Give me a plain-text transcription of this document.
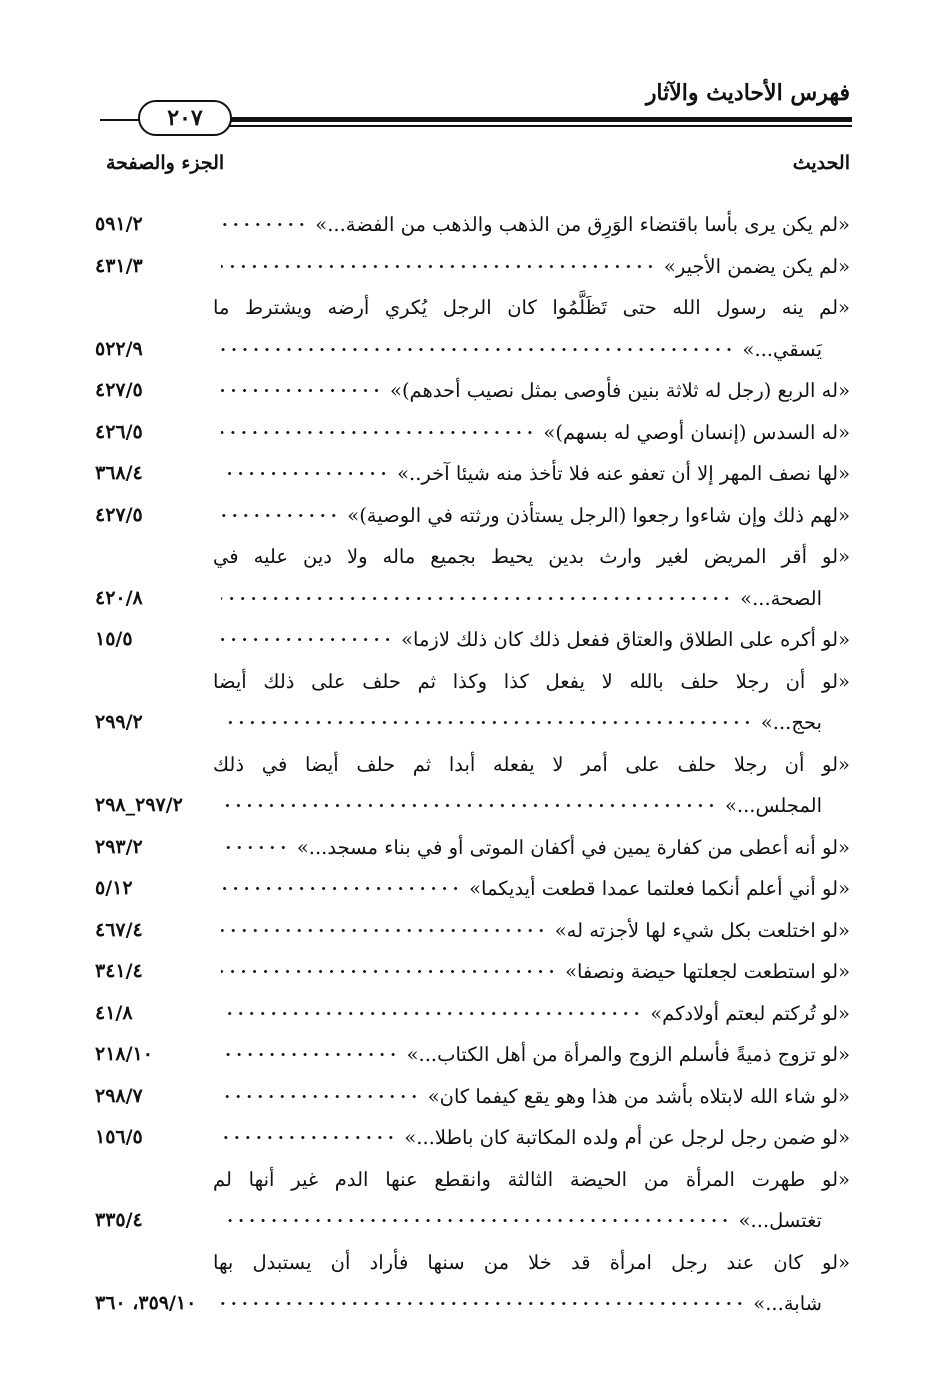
فهرس الأحاديث والآثار
٢٠٧
الحديث
الجزء والصفحة
«لم يكن يرى بأسا باقتضاء الوَرِق من الذهب والذهب من الفضة...»
٥٩١/٢
«لم يكن يضمن الأجير»
٤٣١/٣
«لم ينه رسول الله حتى تَظَلَّمُوا كان الرجل يُكري أرضه ويشترط ما
يَسقي...»
٥٢٢/٩
«له الربع (رجل له ثلاثة بنين فأوصى بمثل نصيب أحدهم)»
٤٢٧/٥
«له السدس (إنسان أوصي له بسهم)»
٤٢٦/٥
«لها نصف المهر إلا أن تعفو عنه فلا تأخذ منه شيئا آخر..»
٣٦٨/٤
«لهم ذلك وإن شاءوا رجعوا (الرجل يستأذن ورثته في الوصية)»
٤٢٧/٥
«لو أقر المريض لغير وارث بدين يحيط بجميع ماله ولا دين عليه في
الصحة...»
٤٢٠/٨
«لو أكره على الطلاق والعتاق ففعل ذلك كان ذلك لازما»
١٥/٥
«لو أن رجلا حلف بالله لا يفعل كذا وكذا ثم حلف على ذلك أيضا
بحج...»
٢٩٩/٢
«لو أن رجلا حلف على أمر لا يفعله أبدا ثم حلف أيضا في ذلك
المجلس...»
٢٩٧/٢_٢٩٨
«لو أنه أعطى من كفارة يمين في أكفان الموتى أو في بناء مسجد...»
٢٩٣/٢
«لو أني أعلم أنكما فعلتما عمدا قطعت أيديكما»
٥/١٢
«لو اختلعت بكل شيء لها لأجزته له»
٤٦٧/٤
«لو استطعت لجعلتها حيضة ونصفا»
٣٤١/٤
«لو تُركتم لبعتم أولادكم»
٤١/٨
«لو تزوج ذميةً فأسلم الزوج والمرأة من أهل الكتاب...»
٢١٨/١٠
«لو شاء الله لابتلاه بأشد من هذا وهو يقع كيفما كان»
٢٩٨/٧
«لو ضمن رجل لرجل عن أم ولده المكاتبة كان باطلا...»
١٥٦/٥
«لو طهرت المرأة من الحيضة الثالثة وانقطع عنها الدم غير أنها لم
تغتسل...»
٣٣٥/٤
«لو كان عند رجل امرأة قد خلا من سنها فأراد أن يستبدل بها
شابة...»
٣٥٩/١٠، ٣٦٠
